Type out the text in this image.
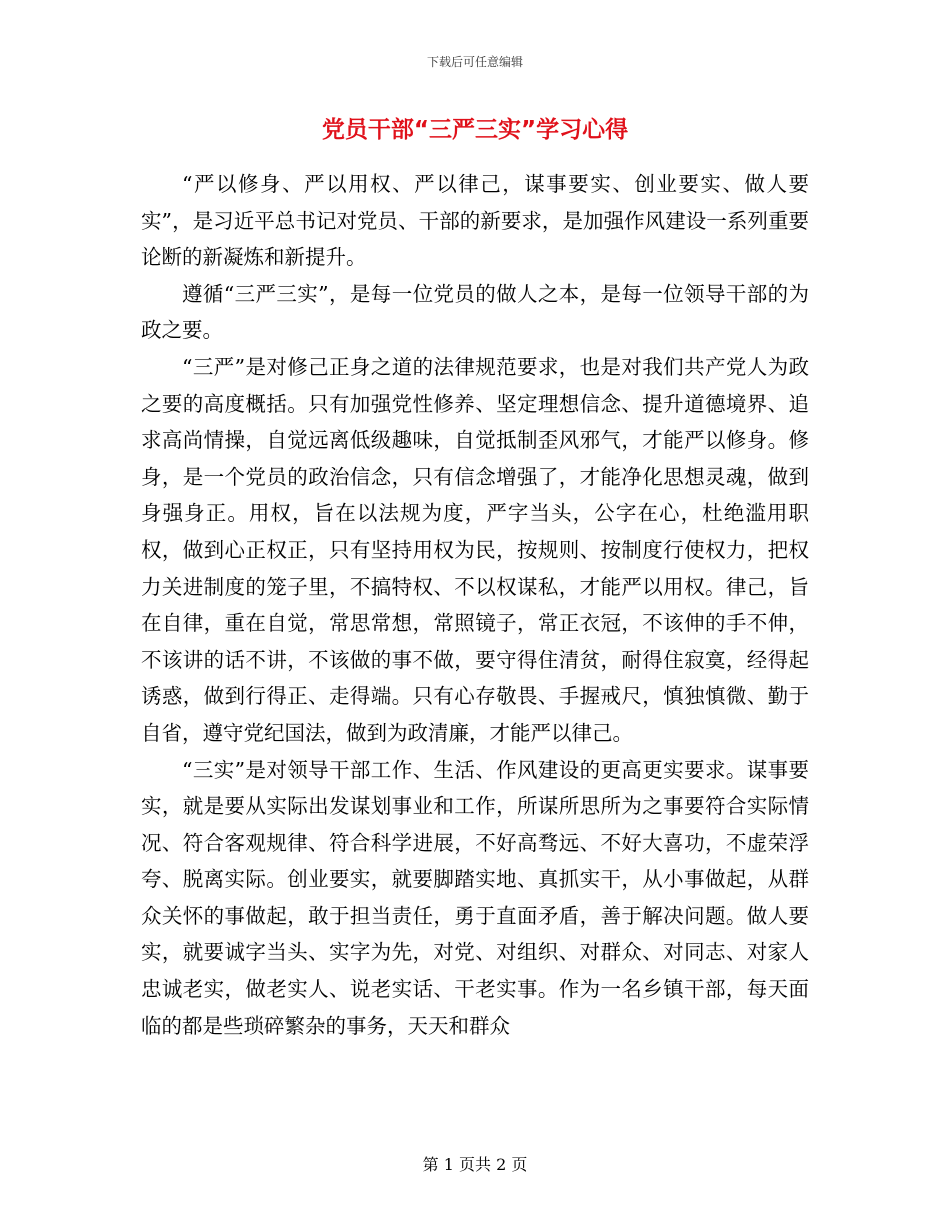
下载后可任意编辑
党员干部“三严三实”学习心得

“严以修身、严以用权、严以律己，谋事要实、创业要实、做人要实”，是习近平总书记对党员、干部的新要求，是加强作风建设一系列重要论断的新凝炼和新提升。

遵循“三严三实”，是每一位党员的做人之本，是每一位领导干部的为政之要。

“三严”是对修己正身之道的法律规范要求，也是对我们共产党人为政之要的高度概括。只有加强党性修养、坚定理想信念、提升道德境界、追求高尚情操，自觉远离低级趣味，自觉抵制歪风邪气，才能严以修身。修身，是一个党员的政治信念，只有信念增强了，才能净化思想灵魂，做到身强身正。用权，旨在以法规为度，严字当头，公字在心，杜绝滥用职权，做到心正权正，只有坚持用权为民，按规则、按制度行使权力，把权力关进制度的笼子里，不搞特权、不以权谋私，才能严以用权。律己，旨在自律，重在自觉，常思常想，常照镜子，常正衣冠，不该伸的手不伸，不该讲的话不讲，不该做的事不做，要守得住清贫，耐得住寂寞，经得起诱惑，做到行得正、走得端。只有心存敬畏、手握戒尺，慎独慎微、勤于自省，遵守党纪国法，做到为政清廉，才能严以律己。

“三实”是对领导干部工作、生活、作风建设的更高更实要求。谋事要实，就是要从实际出发谋划事业和工作，所谋所思所为之事要符合实际情况、符合客观规律、符合科学进展，不好高骛远、不好大喜功，不虚荣浮夸、脱离实际。创业要实，就要脚踏实地、真抓实干，从小事做起，从群众关怀的事做起，敢于担当责任，勇于直面矛盾，善于解决问题。做人要实，就要诚字当头、实字为先，对党、对组织、对群众、对同志、对家人忠诚老实，做老实人、说老实话、干老实事。作为一名乡镇干部，每天面临的都是些琐碎繁杂的事务，天天和群众

第 1 页共 2 页
